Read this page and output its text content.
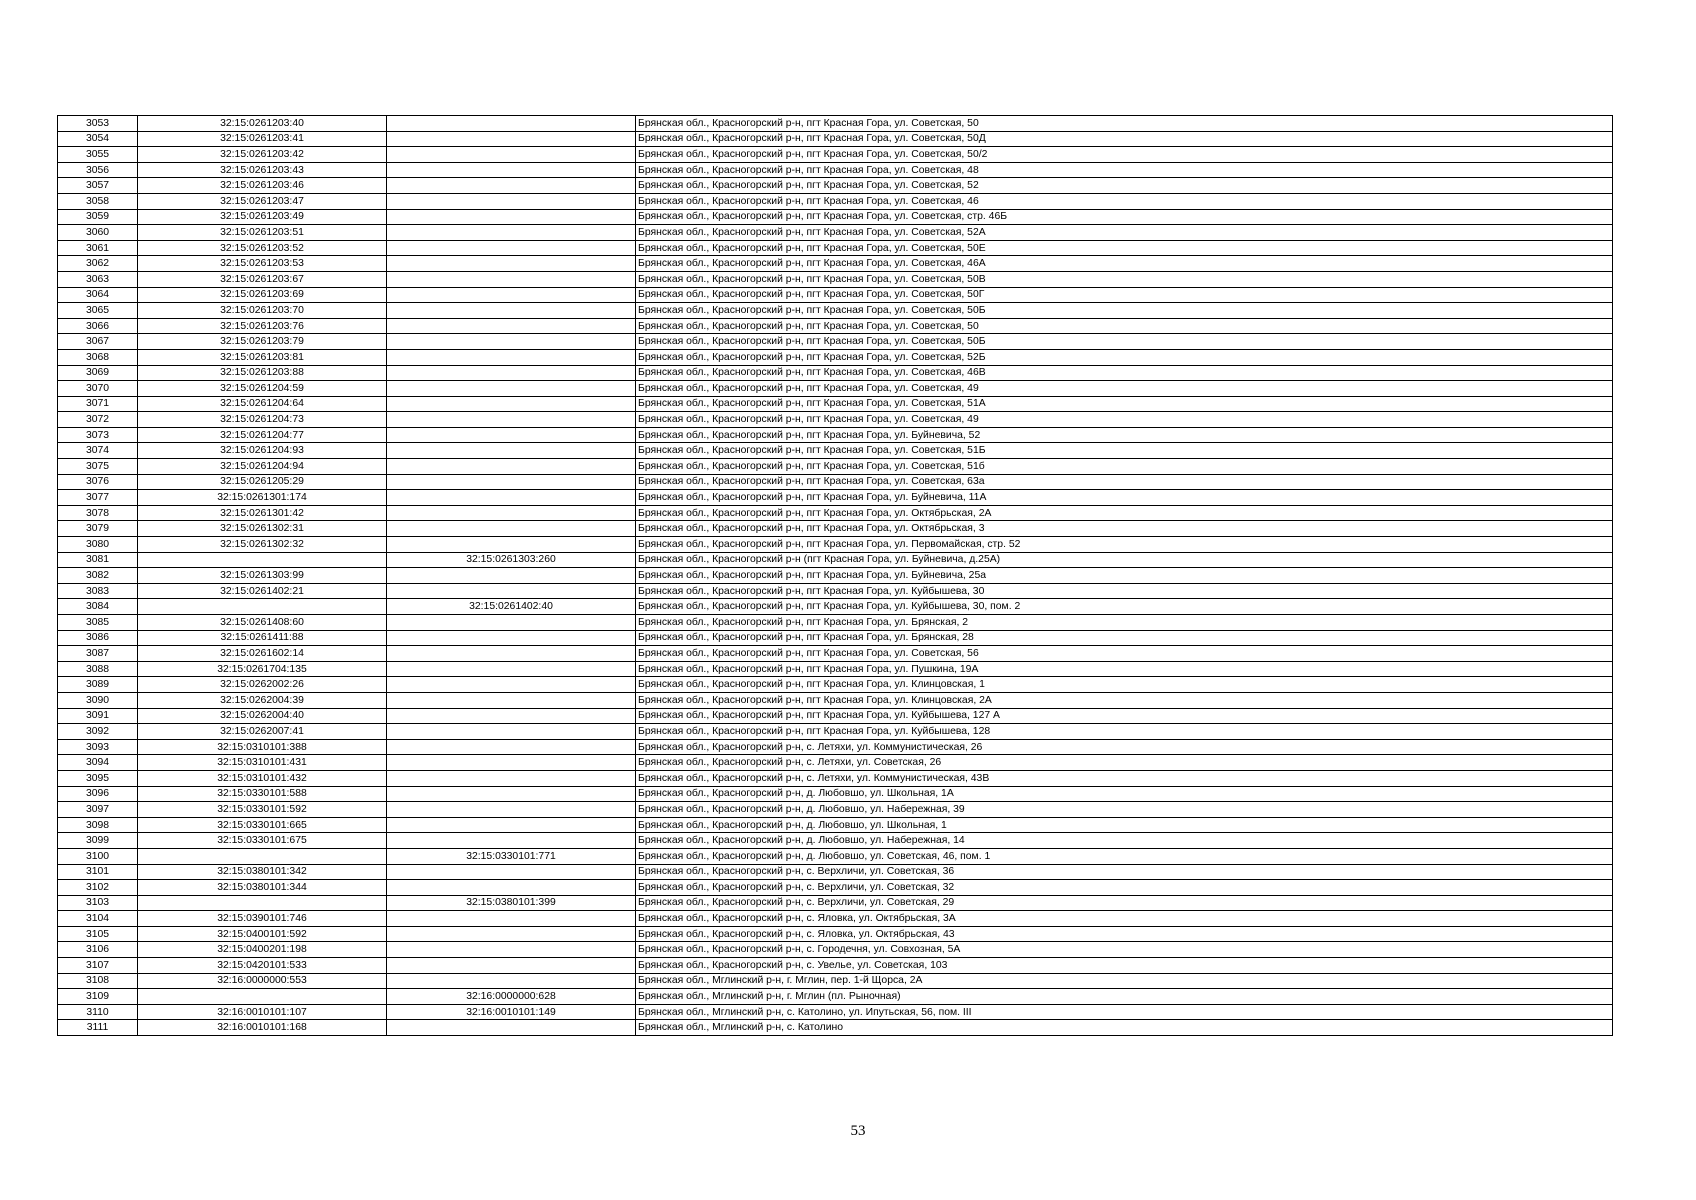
3053	32:15:0261203:40		Брянская обл., Красногорский р-н, пгт Красная Гора, ул. Советская, 50
3054	32:15:0261203:41		Брянская обл., Красногорский р-н, пгт Красная Гора, ул. Советская, 50Д
3055	32:15:0261203:42		Брянская обл., Красногорский р-н, пгт Красная Гора, ул. Советская, 50/2
3056	32:15:0261203:43		Брянская обл., Красногорский р-н, пгт Красная Гора, ул. Советская, 48
3057	32:15:0261203:46		Брянская обл., Красногорский р-н, пгт Красная Гора, ул. Советская, 52
3058	32:15:0261203:47		Брянская обл., Красногорский р-н, пгт Красная Гора, ул. Советская, 46
3059	32:15:0261203:49		Брянская обл., Красногорский р-н, пгт Красная Гора, ул. Советская, стр. 46Б
3060	32:15:0261203:51		Брянская обл., Красногорский р-н, пгт Красная Гора, ул. Советская, 52А
3061	32:15:0261203:52		Брянская обл., Красногорский р-н, пгт Красная Гора, ул. Советская, 50Е
3062	32:15:0261203:53		Брянская обл., Красногорский р-н, пгт Красная Гора, ул. Советская, 46А
3063	32:15:0261203:67		Брянская обл., Красногорский р-н, пгт Красная Гора, ул. Советская, 50В
3064	32:15:0261203:69		Брянская обл., Красногорский р-н, пгт Красная Гора, ул. Советская, 50Г
3065	32:15:0261203:70		Брянская обл., Красногорский р-н, пгт Красная Гора, ул. Советская, 50Б
3066	32:15:0261203:76		Брянская обл., Красногорский р-н, пгт Красная Гора, ул. Советская, 50
3067	32:15:0261203:79		Брянская обл., Красногорский р-н, пгт Красная Гора, ул. Советская, 50Б
3068	32:15:0261203:81		Брянская обл., Красногорский р-н, пгт Красная Гора, ул. Советская, 52Б
3069	32:15:0261203:88		Брянская обл., Красногорский р-н, пгт Красная Гора, ул. Советская, 46В
3070	32:15:0261204:59		Брянская обл., Красногорский р-н, пгт Красная Гора, ул. Советская, 49
3071	32:15:0261204:64		Брянская обл., Красногорский р-н, пгт Красная Гора, ул. Советская, 51А
3072	32:15:0261204:73		Брянская обл., Красногорский р-н, пгт Красная Гора, ул. Советская, 49
3073	32:15:0261204:77		Брянская обл., Красногорский р-н, пгт Красная Гора, ул. Буйневича, 52
3074	32:15:0261204:93		Брянская обл., Красногорский р-н, пгт Красная Гора, ул. Советская, 51Б
3075	32:15:0261204:94		Брянская обл., Красногорский р-н, пгт Красная Гора, ул. Советская, 51б
3076	32:15:0261205:29		Брянская обл., Красногорский р-н, пгт Красная Гора, ул. Советская, 63а
3077	32:15:0261301:174		Брянская обл., Красногорский р-н, пгт Красная Гора, ул. Буйневича, 11А
3078	32:15:0261301:42		Брянская обл., Красногорский р-н, пгт Красная Гора, ул. Октябрьская, 2А
3079	32:15:0261302:31		Брянская обл., Красногорский р-н, пгт Красная Гора, ул. Октябрьская, 3
3080	32:15:0261302:32		Брянская обл., Красногорский р-н, пгт Красная Гора, ул. Первомайская, стр. 52
3081		32:15:0261303:260	Брянская обл., Красногорский р-н (пгт Красная Гора, ул. Буйневича, д.25А)
3082	32:15:0261303:99		Брянская обл., Красногорский р-н, пгт Красная Гора, ул. Буйневича, 25а
3083	32:15:0261402:21		Брянская обл., Красногорский р-н, пгт Красная Гора, ул. Куйбышева, 30
3084		32:15:0261402:40	Брянская обл., Красногорский р-н, пгт Красная Гора, ул. Куйбышева, 30, пом. 2
3085	32:15:0261408:60		Брянская обл., Красногорский р-н, пгт Красная Гора, ул. Брянская, 2
3086	32:15:0261411:88		Брянская обл., Красногорский р-н, пгт Красная Гора, ул. Брянская, 28
3087	32:15:0261602:14		Брянская обл., Красногорский р-н, пгт Красная Гора, ул. Советская, 56
3088	32:15:0261704:135		Брянская обл., Красногорский р-н, пгт Красная Гора, ул. Пушкина, 19А
3089	32:15:0262002:26		Брянская обл., Красногорский р-н, пгт Красная Гора, ул. Клинцовская, 1
3090	32:15:0262004:39		Брянская обл., Красногорский р-н, пгт Красная Гора, ул. Клинцовская, 2А
3091	32:15:0262004:40		Брянская обл., Красногорский р-н, пгт Красная Гора, ул. Куйбышева, 127 А
3092	32:15:0262007:41		Брянская обл., Красногорский р-н, пгт Красная Гора, ул. Куйбышева, 128
3093	32:15:0310101:388		Брянская обл., Красногорский р-н, с. Летяхи, ул. Коммунистическая, 26
3094	32:15:0310101:431		Брянская обл., Красногорский р-н, с. Летяхи, ул. Советская, 26
3095	32:15:0310101:432		Брянская обл., Красногорский р-н, с. Летяхи, ул. Коммунистическая, 43В
3096	32:15:0330101:588		Брянская обл., Красногорский р-н, д. Любовшо, ул. Школьная, 1А
3097	32:15:0330101:592		Брянская обл., Красногорский р-н, д. Любовшо, ул. Набережная, 39
3098	32:15:0330101:665		Брянская обл., Красногорский р-н, д. Любовшо, ул. Школьная, 1
3099	32:15:0330101:675		Брянская обл., Красногорский р-н, д. Любовшо, ул. Набережная, 14
3100		32:15:0330101:771	Брянская обл., Красногорский р-н, д. Любовшо, ул. Советская, 46, пом. 1
3101	32:15:0380101:342		Брянская обл., Красногорский р-н, с. Верхличи, ул. Советская, 36
3102	32:15:0380101:344		Брянская обл., Красногорский р-н, с. Верхличи, ул. Советская, 32
3103		32:15:0380101:399	Брянская обл., Красногорский р-н, с. Верхличи, ул. Советская, 29
3104	32:15:0390101:746		Брянская обл., Красногорский р-н, с. Яловка, ул. Октябрьская, 3А
3105	32:15:0400101:592		Брянская обл., Красногорский р-н, с. Яловка, ул. Октябрьская, 43
3106	32:15:0400201:198		Брянская обл., Красногорский р-н, с. Городечня, ул. Совхозная, 5А
3107	32:15:0420101:533		Брянская обл., Красногорский р-н, с. Увелье, ул. Советская, 103
3108	32:16:0000000:553		Брянская обл., Мглинский р-н, г. Мглин, пер. 1-й Щорса, 2А
3109		32:16:0000000:628	Брянская обл., Мглинский р-н, г. Мглин (пл. Рыночная)
3110	32:16:0010101:107	32:16:0010101:149	Брянская обл., Мглинский р-н, с. Католино, ул. Ипутьская, 56, пом. III
3111	32:16:0010101:168		Брянская обл., Мглинский р-н, с. Католино
53
